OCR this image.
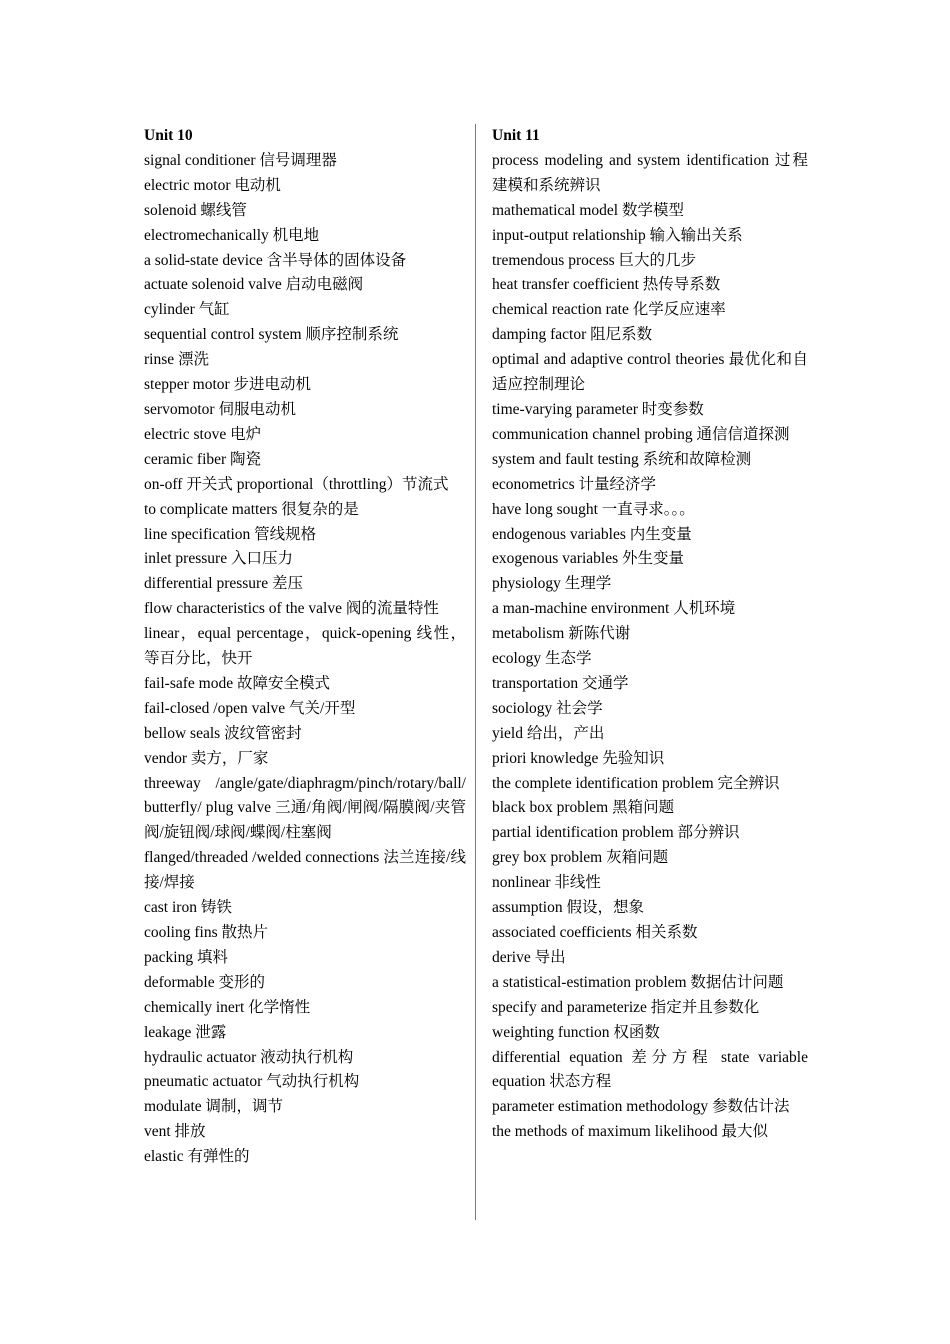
Unit 10

signal conditioner 信号调理器

electric motor 电动机

solenoid 螺线管

electromechanically 机电地

a solid-state device 含半导体的固体设备

actuate solenoid valve 启动电磁阀

cylinder 气缸

sequential control system 顺序控制系统

rinse 漂洗

stepper motor 步进电动机

servomotor 伺服电动机

electric stove 电炉

ceramic fiber 陶瓷

on-off 开关式 proportional（throttling）节流式

to complicate matters 很复杂的是

line specification 管线规格

inlet pressure 入口压力

differential pressure 差压

flow characteristics of the valve 阀的流量特性

linear，equal percentage，quick-opening 线性，等百分比，快开

fail-safe mode 故障安全模式

fail-closed /open valve 气关/开型

bellow seals 波纹管密封

vendor 卖方，厂家

threeway /angle/gate/diaphragm/pinch/rotary/ball/ butterfly/ plug valve 三通/角阀/闸阀/隔膜阀/夹管阀/旋钮阀/球阀/蝶阀/柱塞阀

flanged/threaded /welded connections 法兰连接/线接/焊接

cast iron 铸铁

cooling fins 散热片

packing 填料

deformable 变形的

chemically inert 化学惰性

leakage 泄露

hydraulic actuator 液动执行机构

pneumatic actuator 气动执行机构

modulate 调制，调节

vent 排放

elastic 有弹性的

Unit 11

process modeling and system identification 过程建模和系统辨识

mathematical model 数学模型

input-output relationship 输入输出关系

tremendous process 巨大的几步

heat transfer coefficient 热传导系数

chemical reaction rate 化学反应速率

damping factor 阻尼系数

optimal and adaptive control theories 最优化和自适应控制理论

time-varying parameter 时变参数

communication channel probing 通信信道探测

system and fault testing 系统和故障检测

econometrics 计量经济学

have long sought 一直寻求。。。

endogenous variables 内生变量

exogenous variables 外生变量

physiology 生理学

a man-machine environment 人机环境

metabolism 新陈代谢

ecology 生态学

transportation 交通学

sociology 社会学

yield 给出，产出

priori knowledge 先验知识

the complete identification problem 完全辨识

black box problem 黑箱问题

partial identification problem 部分辨识

grey box problem 灰箱问题

nonlinear 非线性

assumption 假设，想象

associated coefficients 相关系数

derive 导出

a statistical-estimation problem 数据估计问题

specify and parameterize 指定并且参数化

weighting function 权函数

differential equation 差分方程 state variable equation 状态方程

parameter estimation methodology 参数估计法

the methods of maximum likelihood 最大似
